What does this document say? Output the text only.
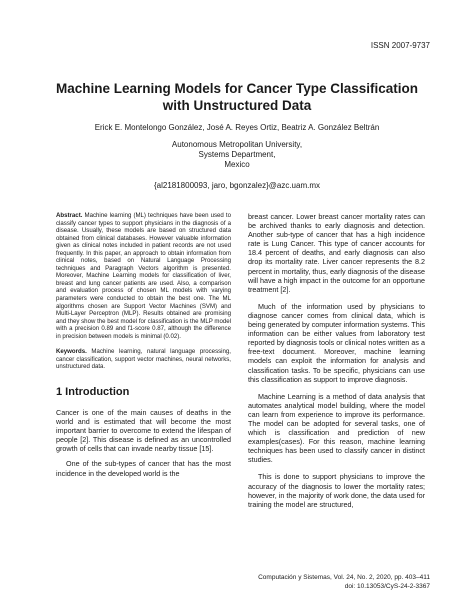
ISSN 2007-9737
Machine Learning Models for Cancer Type Classification with Unstructured Data
Erick E. Montelongo González, José A. Reyes Ortiz, Beatriz A. González Beltrán
Autonomous Metropolitan University,
Systems Department,
Mexico
{al2181800093, jaro, bgonzalez}@azc.uam.mx

Abstract. Machine learning (ML) techniques have been used to classify cancer types to support physicians in the diagnosis of a disease. Usually, these models are based on structured data obtained from clinical databases. However valuable information given as clinical notes included in patient records are not used frequently. In this paper, an approach to obtain information from clinical notes, based on Natural Language Processing techniques and Paragraph Vectors algorithm is presented. Moreover, Machine Learning models for classification of liver, breast and lung cancer patients are used. Also, a comparison and evaluation process of chosen ML models with varying parameters were conducted to obtain the best one. The ML algorithms chosen are Support Vector Machines (SVM) and Multi-Layer Perceptron (MLP). Results obtained are promising and they show the best model for classification is the MLP model with a precision 0.89 and f1-score 0.87, although the difference in precision between models is minimal (0.02).

Keywords. Machine learning, natural language processing, cancer classification, support vector machines, neural networks, unstructured data.

1 Introduction

Cancer is one of the main causes of deaths in the world and is estimated that will become the most important barrier to overcome to extend the lifespan of people [2]. This disease is defined as an uncontrolled growth of cells that can invade nearby tissue [15].

One of the sub-types of cancer that has the most incidence in the developed world is the

breast cancer. Lower breast cancer mortality rates can be archived thanks to early diagnosis and detection. Another sub-type of cancer that has a high incidence rate is Lung Cancer. This type of cancer accounts for 18.4 percent of deaths, and early diagnosis can also drop its mortality rate. Liver cancer represents the 8.2 percent in mortality, thus, early diagnosis of the disease will have a high impact in the outcome for an opportune treatment [2].

Much of the information used by physicians to diagnose cancer comes from clinical data, which is being generated by computer information systems. This information can be either values from laboratory test reported by diagnosis tools or clinical notes written as a free-text document. Moreover, machine learning models can exploit the information for analysis and classification tasks. To be specific, physicians can use this classification as support to improve diagnosis.

Machine Learning is a method of data analysis that automates analytical model building, where the model can learn from experience to improve its performance. The model can be adopted for several tasks, one of which is classification and prediction of new examples(cases). For this reason, machine learning techniques has been used to classify cancer in distinct studies.

This is done to support physicians to improve the accuracy of the diagnosis to lower the mortality rates; however, in the majority of work done, the data used for training the model are structured,

Computación y Sistemas, Vol. 24, No. 2, 2020, pp. 403–411
doi: 10.13053/CyS-24-2-3367
